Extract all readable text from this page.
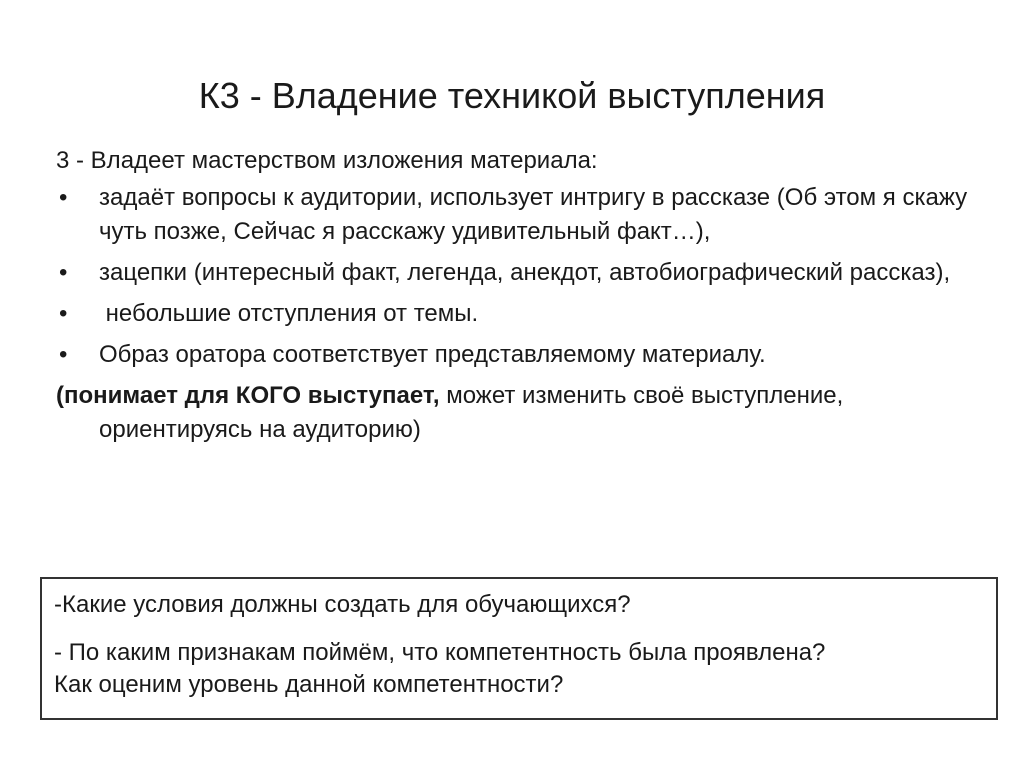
К3 - Владение техникой выступления
3 - Владеет мастерством изложения материала:
• задаёт вопросы к аудитории, использует интригу в рассказе (Об этом я скажу чуть позже, Сейчас я расскажу удивительный факт…),
• зацепки (интересный факт, легенда, анекдот, автобиографический рассказ),
• небольшие отступления от темы.
• Образ оратора соответствует представляемому материалу.
(понимает для КОГО выступает, может изменить своё выступление, ориентируясь на аудиторию)
-Какие условия должны создать для обучающихся?
- По каким признакам поймём, что компетентность была проявлена?
Как оценим уровень данной компетентности?
